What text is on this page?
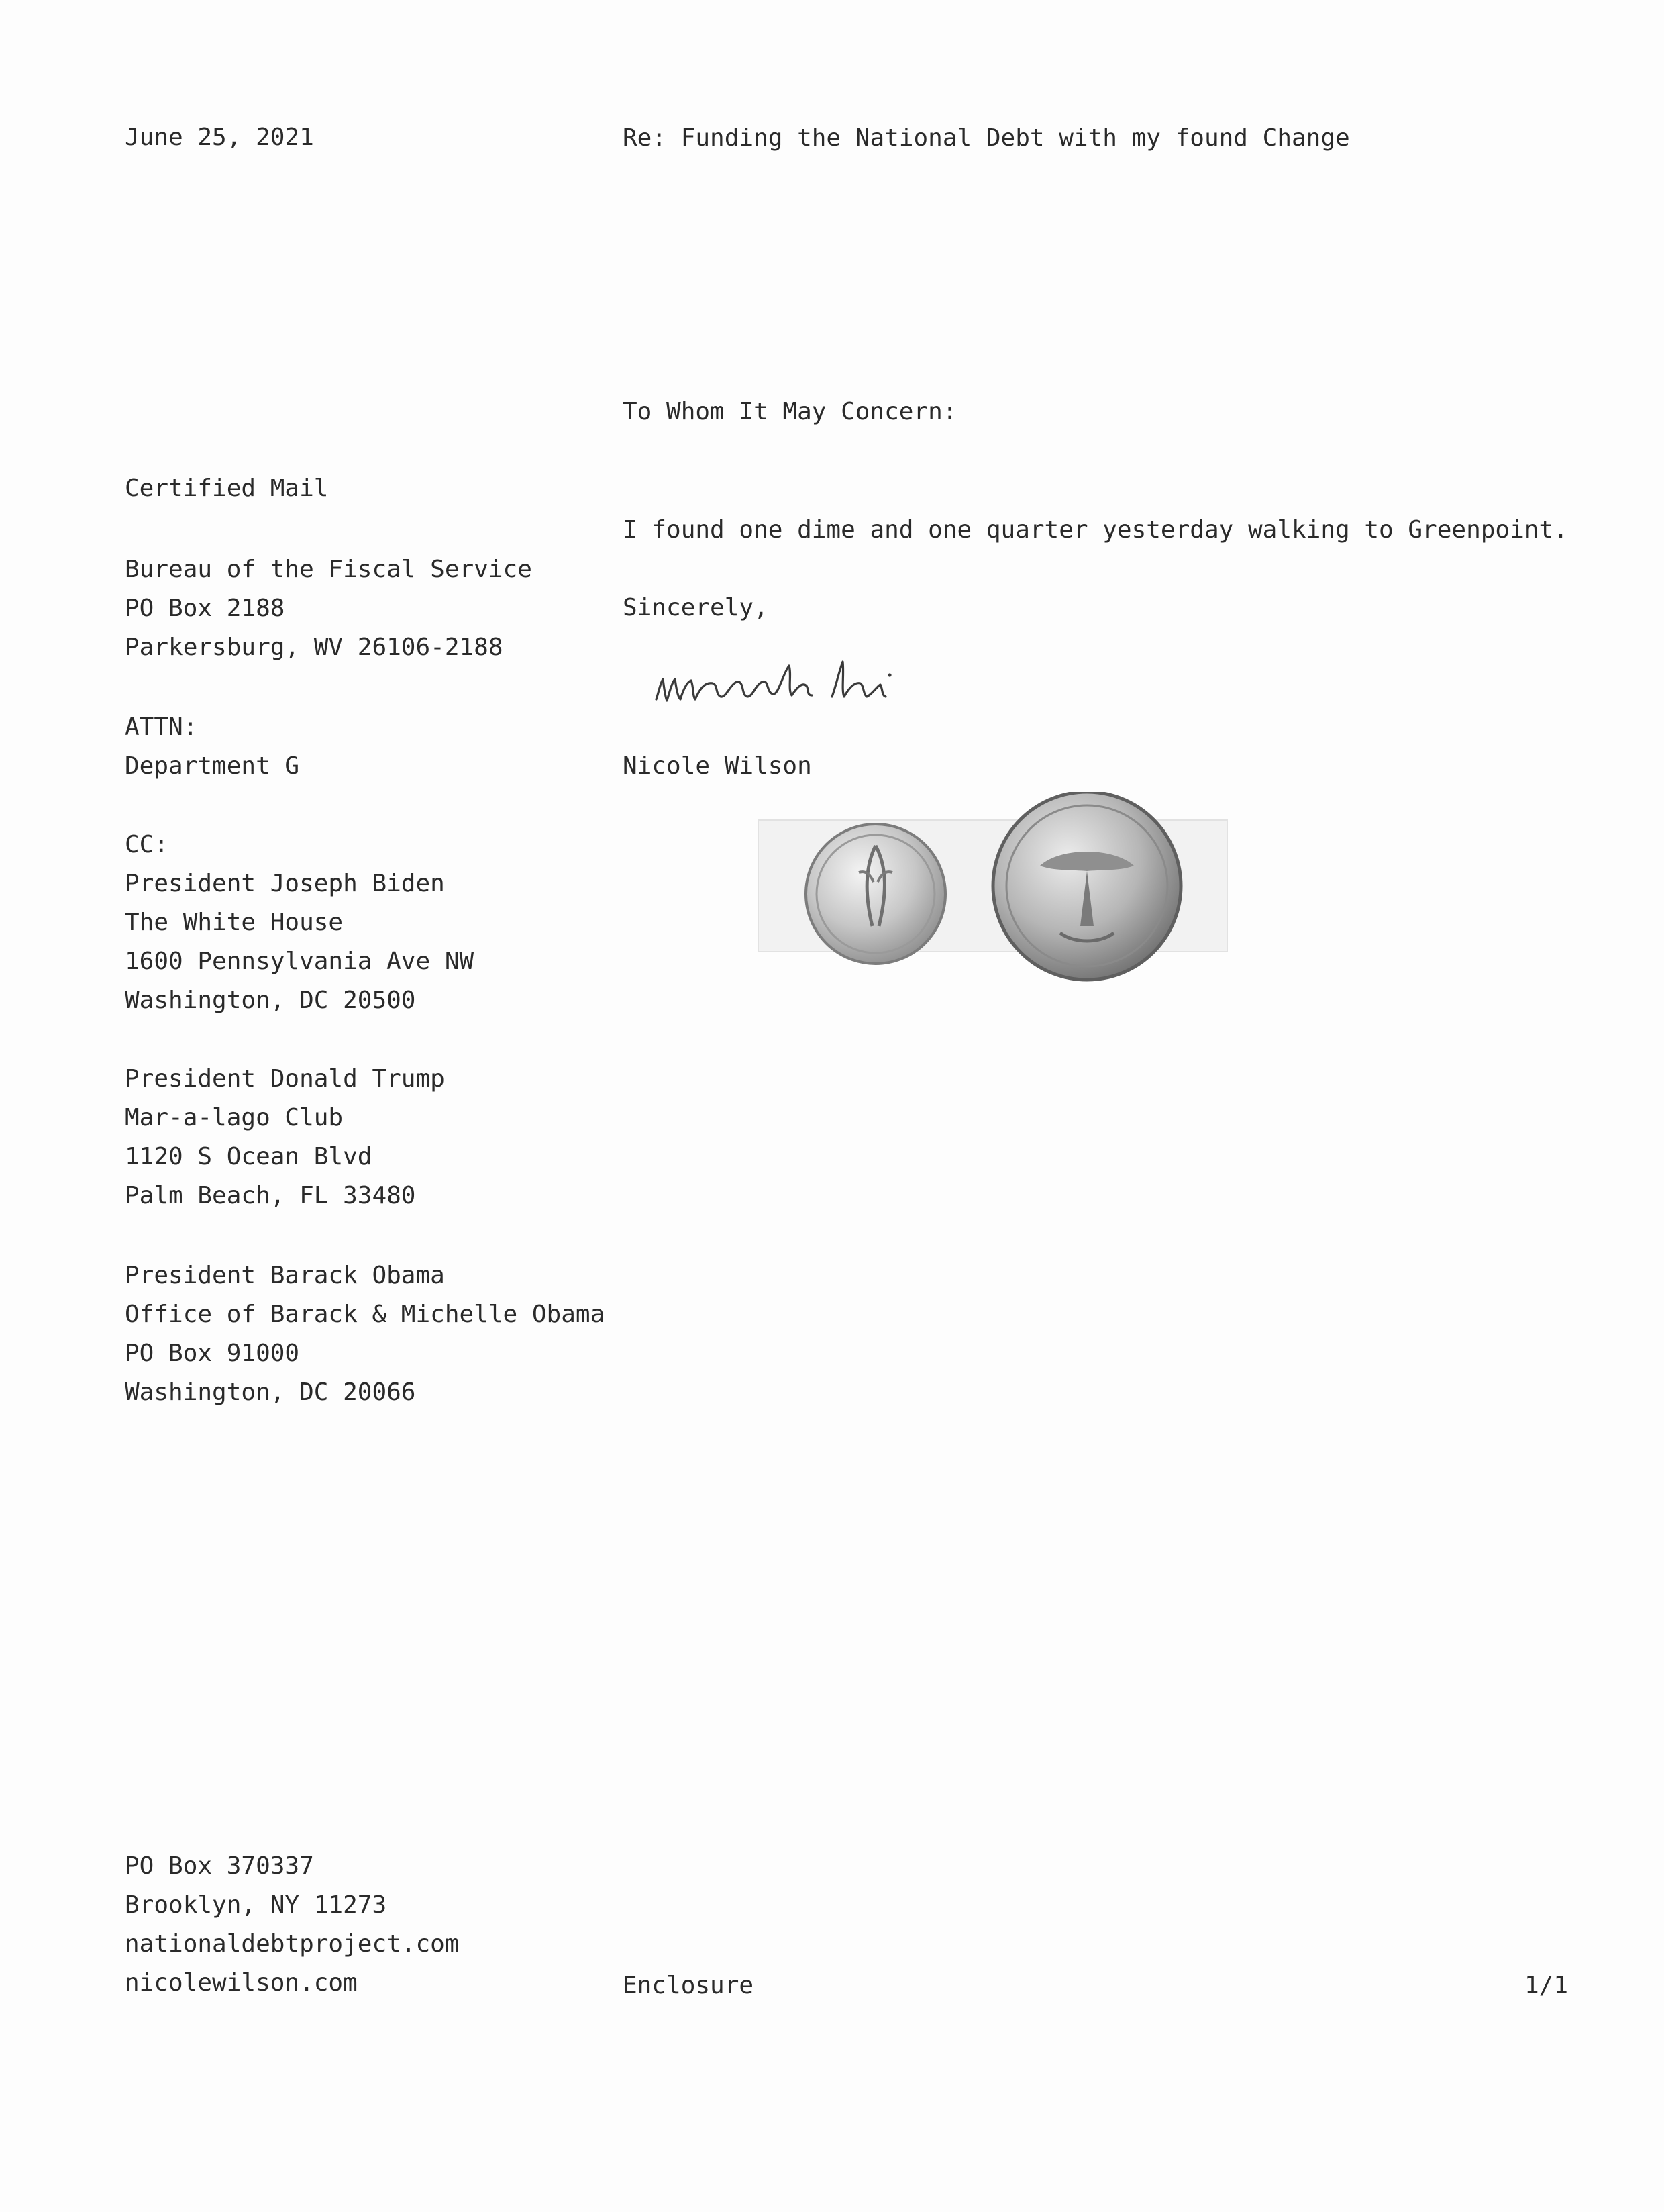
June 25, 2021	Re: Funding the National Debt with my found Change
To Whom It May Concern:
Certified Mail
Bureau of the Fiscal Service
PO Box 2188
Parkersburg, WV 26106-2188
ATTN:
Department G
CC:
President Joseph Biden
The White House
1600 Pennsylvania Ave NW
Washington, DC 20500
President Donald Trump
Mar-a-lago Club
1120 S Ocean Blvd
Palm Beach, FL 33480
President Barack Obama
Office of Barack & Michelle Obama
PO Box 91000
Washington, DC 20066
I found one dime and one quarter yesterday walking to Greenpoint.
Sincerely,
Nicole Wilson
PO Box 370337
Brooklyn, NY 11273
nationaldebtproject.com
nicolewilson.com	Enclosure	1/1
